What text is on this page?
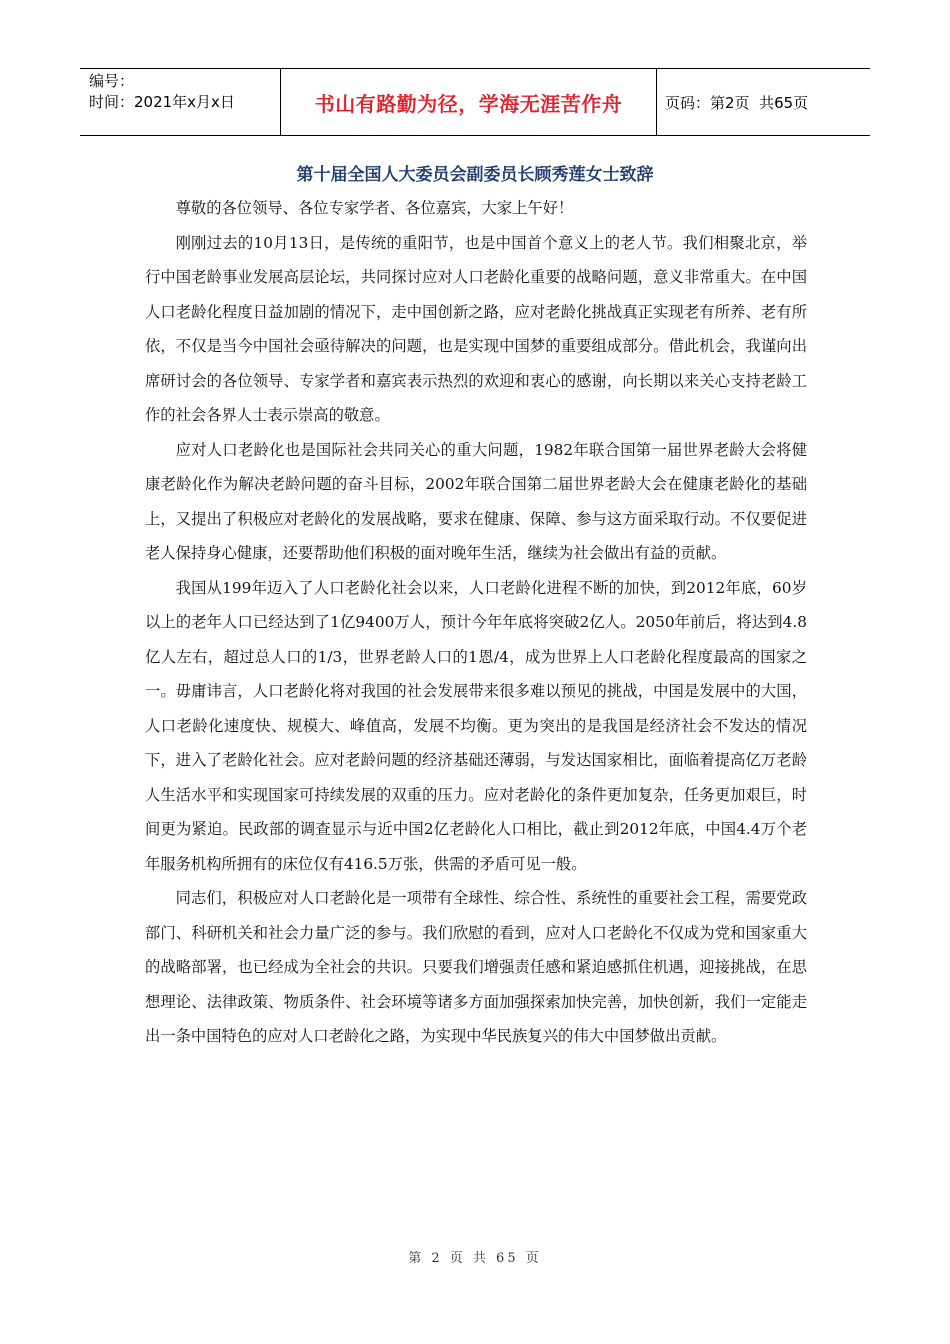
编号：
时间：2021年x月x日	书山有路勤为径，学海无涯苦作舟	页码：第2页  共65页
第十届全国人大委员会副委员长顾秀莲女士致辞

尊敬的各位领导、各位专家学者、各位嘉宾，大家上午好！

刚刚过去的10月13日，是传统的重阳节，也是中国首个意义上的老人节。我们相聚北京，举行中国老龄事业发展高层论坛，共同探讨应对人口老龄化重要的战略问题，意义非常重大。在中国人口老龄化程度日益加剧的情况下，走中国创新之路，应对老龄化挑战真正实现老有所养、老有所依，不仅是当今中国社会亟待解决的问题，也是实现中国梦的重要组成部分。借此机会，我谨向出席研讨会的各位领导、专家学者和嘉宾表示热烈的欢迎和衷心的感谢，向长期以来关心支持老龄工作的社会各界人士表示崇高的敬意。

应对人口老龄化也是国际社会共同关心的重大问题，1982年联合国第一届世界老龄大会将健康老龄化作为解决老龄问题的奋斗目标，2002年联合国第二届世界老龄大会在健康老龄化的基础上，又提出了积极应对老龄化的发展战略，要求在健康、保障、参与这方面采取行动。不仅要促进老人保持身心健康，还要帮助他们积极的面对晚年生活，继续为社会做出有益的贡献。

我国从199年迈入了人口老龄化社会以来，人口老龄化进程不断的加快，到2012年底，60岁以上的老年人口已经达到了1亿9400万人，预计今年年底将突破2亿人。2050年前后，将达到4.8亿人左右，超过总人口的1/3，世界老龄人口的1恩/4，成为世界上人口老龄化程度最高的国家之一。毋庸讳言，人口老龄化将对我国的社会发展带来很多难以预见的挑战，中国是发展中的大国，人口老龄化速度快、规模大、峰值高，发展不均衡。更为突出的是我国是经济社会不发达的情况下，进入了老龄化社会。应对老龄问题的经济基础还薄弱，与发达国家相比，面临着提高亿万老龄人生活水平和实现国家可持续发展的双重的压力。应对老龄化的条件更加复杂，任务更加艰巨，时间更为紧迫。民政部的调查显示与近中国2亿老龄化人口相比，截止到2012年底，中国4.4万个老年服务机构所拥有的床位仅有416.5万张，供需的矛盾可见一般。

同志们，积极应对人口老龄化是一项带有全球性、综合性、系统性的重要社会工程，需要党政部门、科研机关和社会力量广泛的参与。我们欣慰的看到，应对人口老龄化不仅成为党和国家重大的战略部署，也已经成为全社会的共识。只要我们增强责任感和紧迫感抓住机遇，迎接挑战，在思想理论、法律政策、物质条件、社会环境等诸多方面加强探索加快完善，加快创新，我们一定能走出一条中国特色的应对人口老龄化之路，为实现中华民族复兴的伟大中国梦做出贡献。

第 2 页 共 65 页
